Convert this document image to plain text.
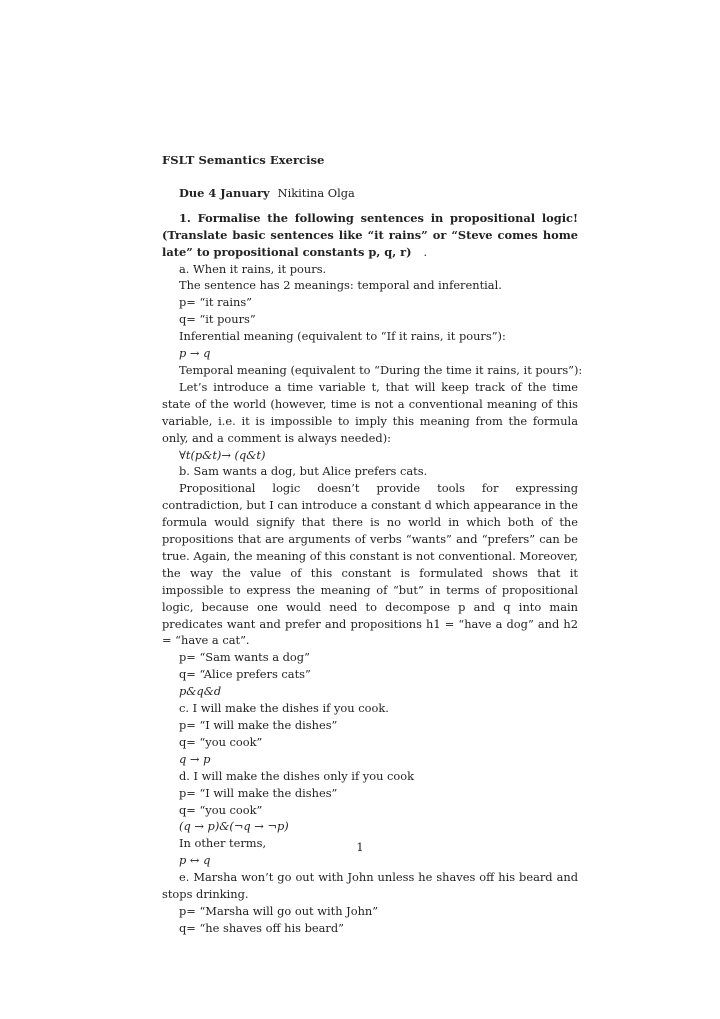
FSLT Semantics Exercise

Due 4 January Nikitina Olga

1. Formalise the following sentences in propositional logic! (Translate basic sentences like “it rains” or “Steve comes home late” to propositional constants p, q, r) .

a. When it rains, it pours.

The sentence has 2 meanings: temporal and inferential.

p= “it rains”

q= “it pours”

Inferential meaning (equivalent to “If it rains, it pours”):

p → q

Temporal meaning (equivalent to “During the time it rains, it pours”):

Let’s introduce a time variable t, that will keep track of the time state of the world (however, time is not a conventional meaning of this variable, i.e. it is impossible to imply this meaning from the formula only, and a comment is always needed):

∀t(p&t)→ (q&t)

b. Sam wants a dog, but Alice prefers cats.

Propositional logic doesn’t provide tools for expressing contradiction, but I can introduce a constant d which appearance in the formula would signify that there is no world in which both of the propositions that are arguments of verbs “wants” and “prefers” can be true. Again, the meaning of this constant is not conventional. Moreover, the way the value of this constant is formulated shows that it impossible to express the meaning of “but” in terms of propositional logic, because one would need to decompose p and q into main predicates want and prefer and propositions h1 = “have a dog” and h2 = “have a cat”.

p= “Sam wants a dog”

q= “Alice prefers cats”

p&q&d

c. I will make the dishes if you cook.

p= “I will make the dishes”

q= “you cook”

q → p

d. I will make the dishes only if you cook

p= “I will make the dishes”

q= “you cook”

(q → p)&(¬q → ¬p)

In other terms,

p ↔ q

e. Marsha won’t go out with John unless he shaves off his beard and stops drinking.

p= “Marsha will go out with John”

q= “he shaves off his beard”

1
